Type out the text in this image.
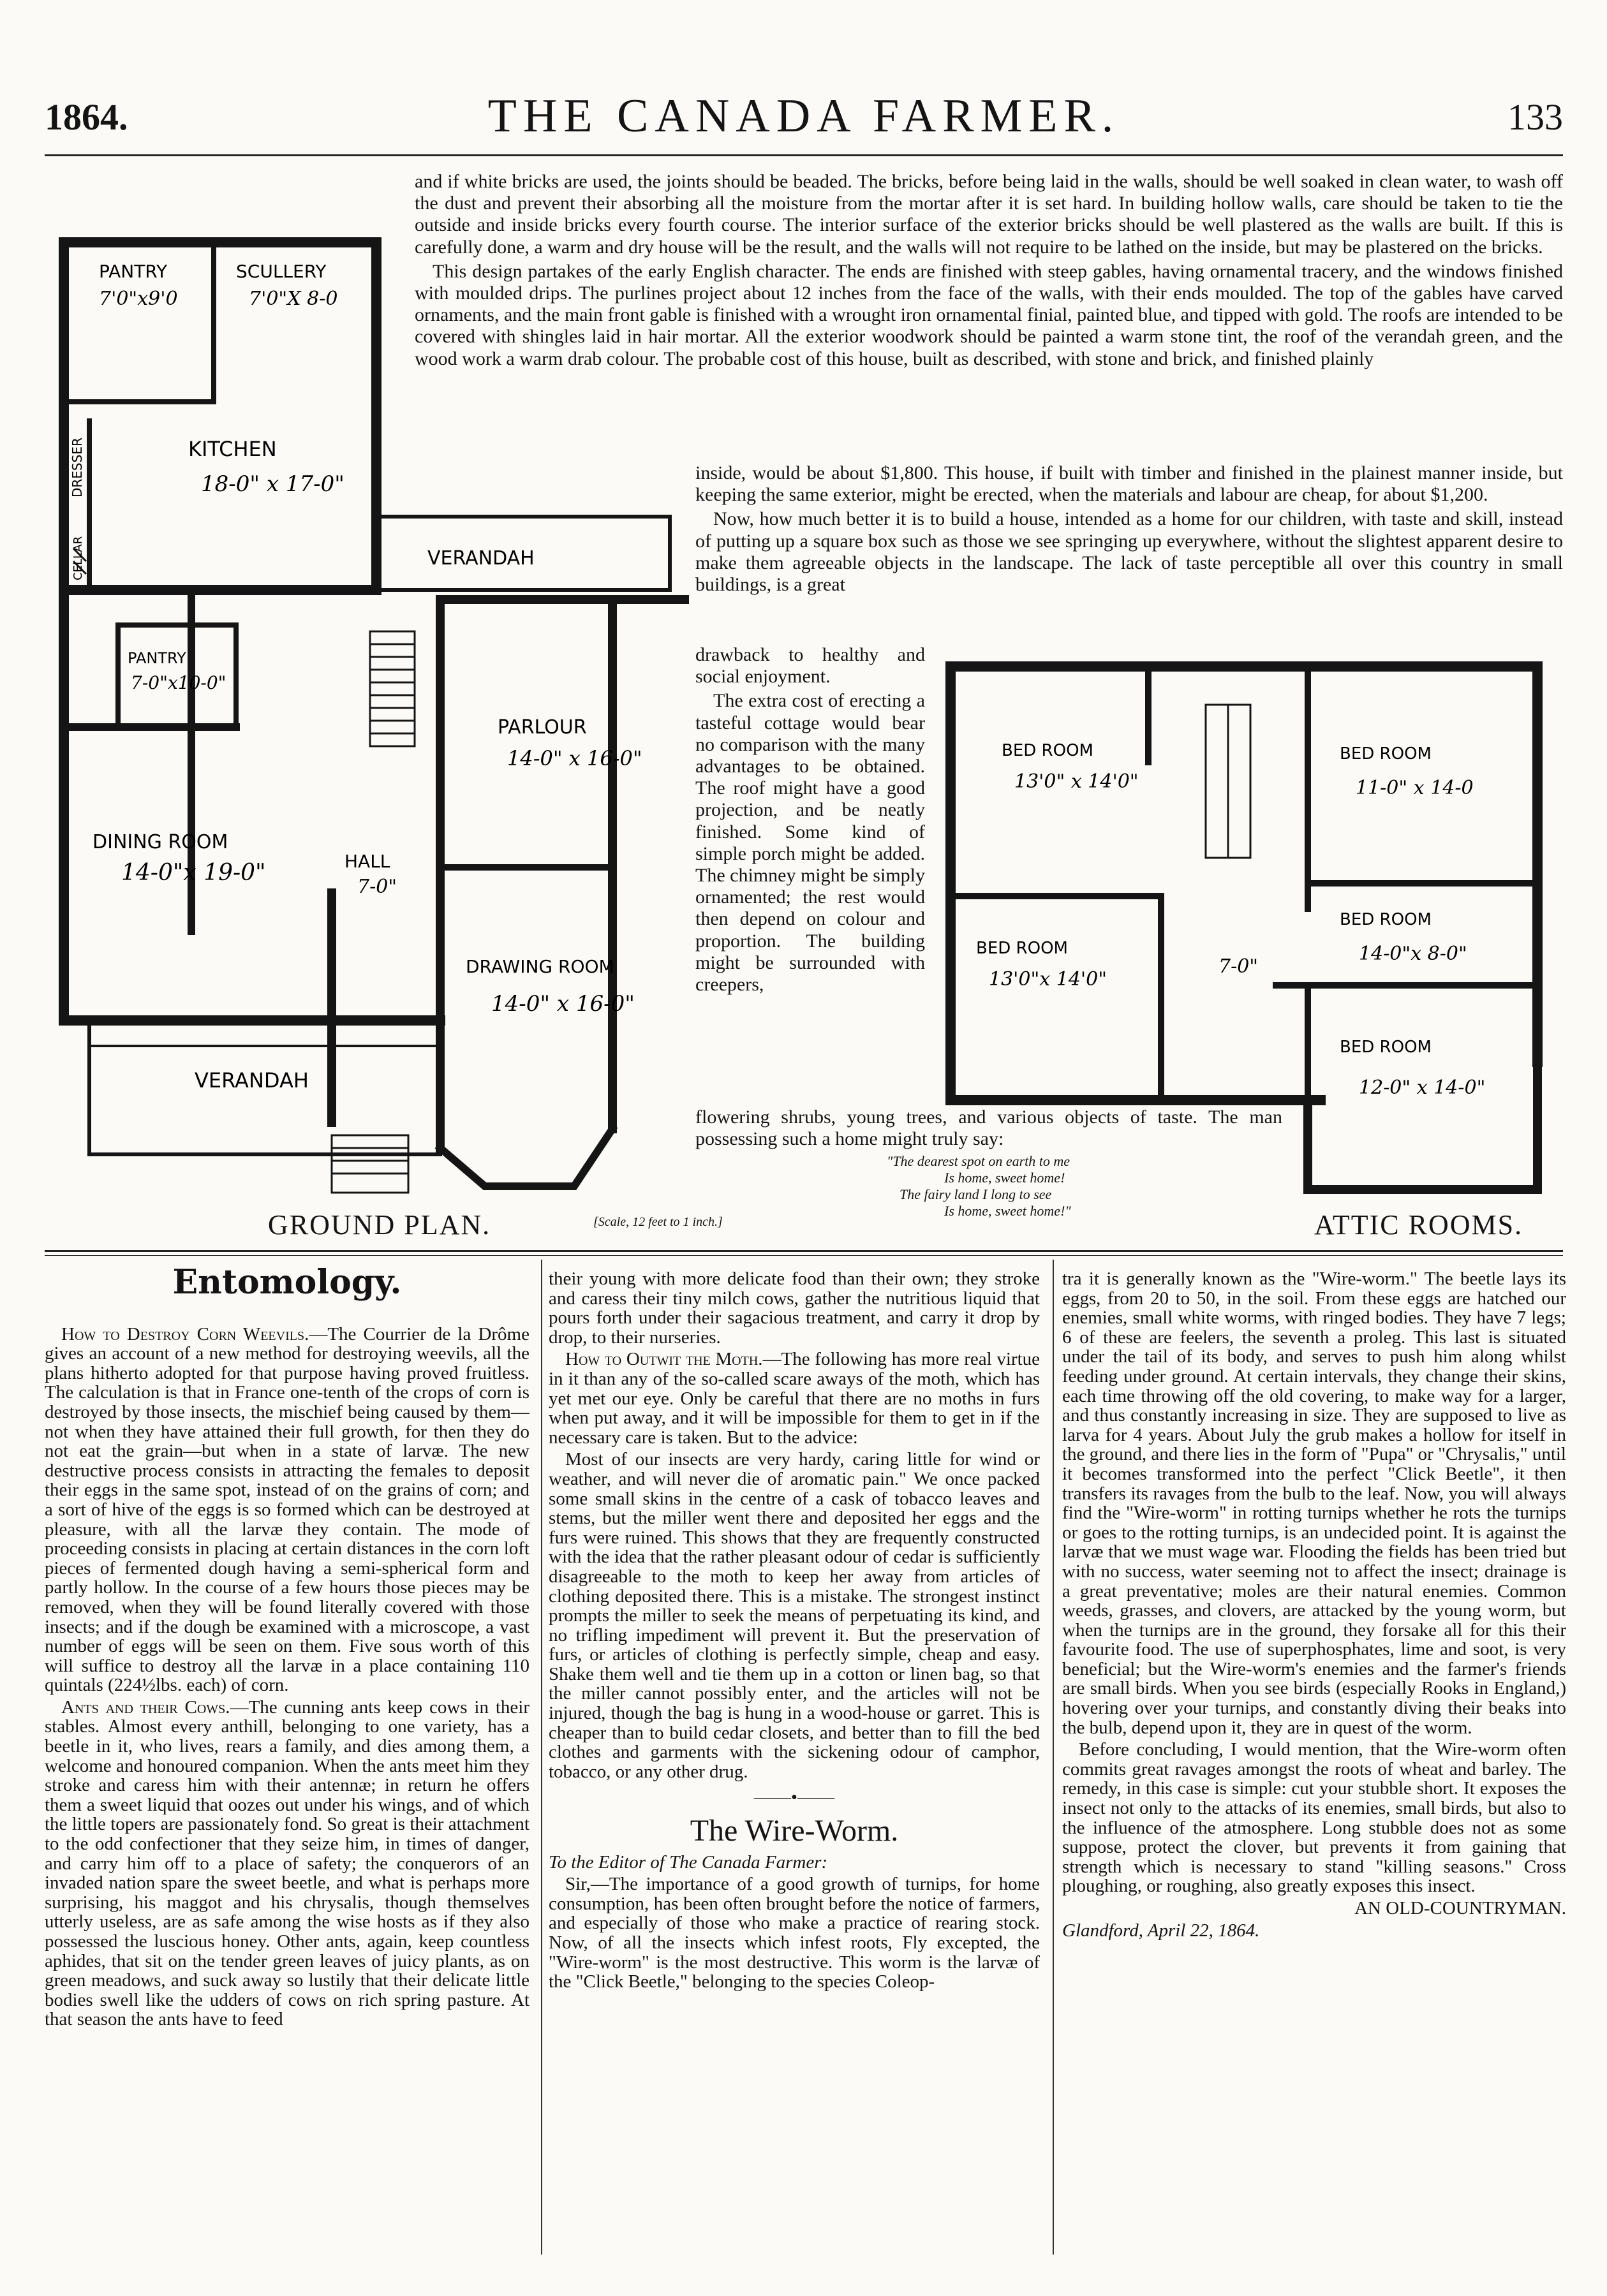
1864.	THE CANADA FARMER.	133
PANTRY
7'0"x9'0
SCULLERY
7'0"X 8-0
DRESSER	KITCHEN
18-0" x 17-0"
CELLAR	VERANDAH
PANTRY
7-0"x10-0"
PARLOUR
14-0" x 16-0"
DINING ROOM
14-0"x 19-0"	HALL
7-0"
DRAWING ROOM
14-0" x 16-0"
VERANDAH
GROUND PLAN.	[Scale, 12 feet to 1 inch.]
BED ROOM
13'0" x 14'0"
BED ROOM
11-0" x 14-0
BED ROOM
13'0"x 14'0"
7-0"
BED ROOM
14-0"x 8-0"
BED ROOM
12-0" x 14-0"
ATTIC ROOMS.

and if white bricks are used, the joints should be beaded. The bricks, before being laid in the walls, should be well soaked in clean water, to wash off the dust and prevent their absorbing all the moisture from the mortar after it is set hard. In building hollow walls, care should be taken to tie the outside and inside bricks every fourth course. The interior surface of the exterior bricks should be well plastered as the walls are built. If this is carefully done, a warm and dry house will be the result, and the walls will not require to be lathed on the inside, but may be plastered on the bricks.

This design partakes of the early English character. The ends are finished with steep gables, having ornamental tracery, and the windows finished with moulded drips. The purlines project about 12 inches from the face of the walls, with their ends moulded. The top of the gables have carved ornaments, and the main front gable is finished with a wrought iron ornamental finial, painted blue, and tipped with gold. The roofs are intended to be covered with shingles laid in hair mortar. All the exterior woodwork should be painted a warm stone tint, the roof of the verandah green, and the wood work a warm drab colour. The probable cost of this house, built as described, with stone and brick, and finished plainly

inside, would be about $1,800. This house, if built with timber and finished in the plainest manner inside, but keeping the same exterior, might be erected, when the materials and labour are cheap, for about $1,200.

Now, how much better it is to build a house, intended as a home for our children, with taste and skill, instead of putting up a square box such as those we see springing up everywhere, without the slightest apparent desire to make them agreeable objects in the landscape. The lack of taste perceptible all over this country in small buildings, is a great

drawback to healthy and social enjoyment.

The extra cost of erecting a tasteful cottage would bear no comparison with the many advantages to be obtained. The roof might have a good projection, and be neatly finished. Some kind of simple porch might be added. The chimney might be simply ornamented; the rest would then depend on colour and proportion. The building might be surrounded with creepers,

flowering shrubs, young trees, and various objects of taste. The man possessing such a home might truly say:

"The dearest spot on earth to me
Is home, sweet home!
The fairy land I long to see
Is home, sweet home!"
Entomology.

How to Destroy Corn Weevils.—The Courrier de la Drôme gives an account of a new method for destroying weevils, all the plans hitherto adopted for that purpose having proved fruitless. The calculation is that in France one-tenth of the crops of corn is destroyed by those insects, the mischief being caused by them—not when they have attained their full growth, for then they do not eat the grain—but when in a state of larvæ. The new destructive process consists in attracting the females to deposit their eggs in the same spot, instead of on the grains of corn; and a sort of hive of the eggs is so formed which can be destroyed at pleasure, with all the larvæ they contain. The mode of proceeding consists in placing at certain distances in the corn loft pieces of fermented dough having a semi-spherical form and partly hollow. In the course of a few hours those pieces may be removed, when they will be found literally covered with those insects; and if the dough be examined with a microscope, a vast number of eggs will be seen on them. Five sous worth of this will suffice to destroy all the larvæ in a place containing 110 quintals (224½lbs. each) of corn.

Ants and their Cows.—The cunning ants keep cows in their stables. Almost every anthill, belonging to one variety, has a beetle in it, who lives, rears a family, and dies among them, a welcome and honoured companion. When the ants meet him they stroke and caress him with their antennæ; in return he offers them a sweet liquid that oozes out under his wings, and of which the little topers are passionately fond. So great is their attachment to the odd confectioner that they seize him, in times of danger, and carry him off to a place of safety; the conquerors of an invaded nation spare the sweet beetle, and what is perhaps more surprising, his maggot and his chrysalis, though themselves utterly useless, are as safe among the wise hosts as if they also possessed the luscious honey. Other ants, again, keep countless aphides, that sit on the tender green leaves of juicy plants, as on green meadows, and suck away so lustily that their delicate little bodies swell like the udders of cows on rich spring pasture. At that season the ants have to feed

their young with more delicate food than their own; they stroke and caress their tiny milch cows, gather the nutritious liquid that pours forth under their sagacious treatment, and carry it drop by drop, to their nurseries.

How to Outwit the Moth.—The following has more real virtue in it than any of the so-called scare aways of the moth, which has yet met our eye. Only be careful that there are no moths in furs when put away, and it will be impossible for them to get in if the necessary care is taken. But to the advice:

Most of our insects are very hardy, caring little for wind or weather, and will never die of aromatic pain." We once packed some small skins in the centre of a cask of tobacco leaves and stems, but the miller went there and deposited her eggs and the furs were ruined. This shows that they are frequently constructed with the idea that the rather pleasant odour of cedar is sufficiently disagreeable to the moth to keep her away from articles of clothing deposited there. This is a mistake. The strongest instinct prompts the miller to seek the means of perpetuating its kind, and no trifling impediment will prevent it. But the preservation of furs, or articles of clothing is perfectly simple, cheap and easy. Shake them well and tie them up in a cotton or linen bag, so that the miller cannot possibly enter, and the articles will not be injured, though the bag is hung in a wood-house or garret. This is cheaper than to build cedar closets, and better than to fill the bed clothes and garments with the sickening odour of camphor, tobacco, or any other drug.

——•——
The Wire-Worm.

To the Editor of The Canada Farmer:

Sir,—The importance of a good growth of turnips, for home consumption, has been often brought before the notice of farmers, and especially of those who make a practice of rearing stock. Now, of all the insects which infest roots, Fly excepted, the "Wire-worm" is the most destructive. This worm is the larvæ of the "Click Beetle," belonging to the species Coleop-

tra it is generally known as the "Wire-worm." The beetle lays its eggs, from 20 to 50, in the soil. From these eggs are hatched our enemies, small white worms, with ringed bodies. They have 7 legs; 6 of these are feelers, the seventh a proleg. This last is situated under the tail of its body, and serves to push him along whilst feeding under ground. At certain intervals, they change their skins, each time throwing off the old covering, to make way for a larger, and thus constantly increasing in size. They are supposed to live as larva for 4 years. About July the grub makes a hollow for itself in the ground, and there lies in the form of "Pupa" or "Chrysalis," until it becomes transformed into the perfect "Click Beetle", it then transfers its ravages from the bulb to the leaf. Now, you will always find the "Wire-worm" in rotting turnips whether he rots the turnips or goes to the rotting turnips, is an undecided point. It is against the larvæ that we must wage war. Flooding the fields has been tried but with no success, water seeming not to affect the insect; drainage is a great preventative; moles are their natural enemies. Common weeds, grasses, and clovers, are attacked by the young worm, but when the turnips are in the ground, they forsake all for this their favourite food. The use of superphosphates, lime and soot, is very beneficial; but the Wire-worm's enemies and the farmer's friends are small birds. When you see birds (especially Rooks in England,) hovering over your turnips, and constantly diving their beaks into the bulb, depend upon it, they are in quest of the worm.

Before concluding, I would mention, that the Wire-worm often commits great ravages amongst the roots of wheat and barley. The remedy, in this case is simple: cut your stubble short. It exposes the insect not only to the attacks of its enemies, small birds, but also to the influence of the atmosphere. Long stubble does not as some suppose, protect the clover, but prevents it from gaining that strength which is necessary to stand "killing seasons." Cross ploughing, or roughing, also greatly exposes this insect.

AN OLD-COUNTRYMAN.

Glandford, April 22, 1864.
